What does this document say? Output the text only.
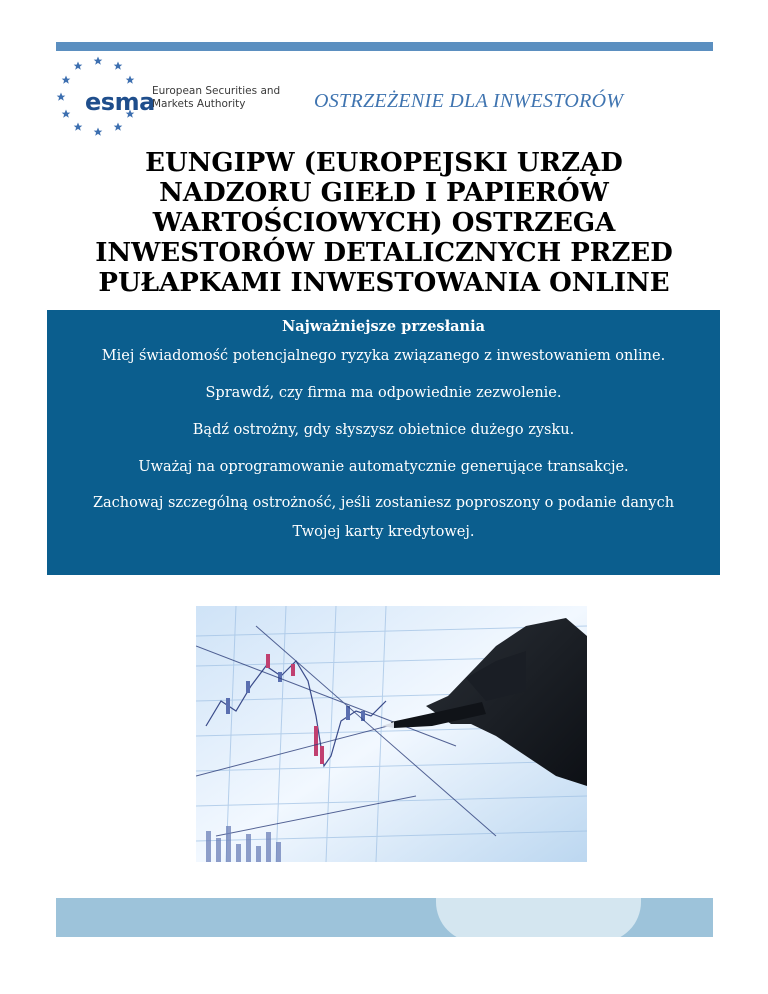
esma
European Securities and
Markets Authority	OSTRZEŻENIE DLA INWESTORÓW
EUNGIPW (EUROPEJSKI URZĄD
NADZORU GIEŁD I PAPIERÓW
WARTOŚCIOWYCH) OSTRZEGA
INWESTORÓW DETALICZNYCH PRZED
PUŁAPKAMI INWESTOWANIA ONLINE
Najważniejsze przesłania
Miej świadomość potencjalnego ryzyka związanego z inwestowaniem online.
Sprawdź, czy firma ma odpowiednie zezwolenie.
Bądź ostrożny, gdy słyszysz obietnice dużego zysku.
Uważaj na oprogramowanie automatycznie generujące transakcje.
Zachowaj szczególną ostrożność, jeśli zostaniesz poproszony o podanie danych Twojej karty kredytowej.
